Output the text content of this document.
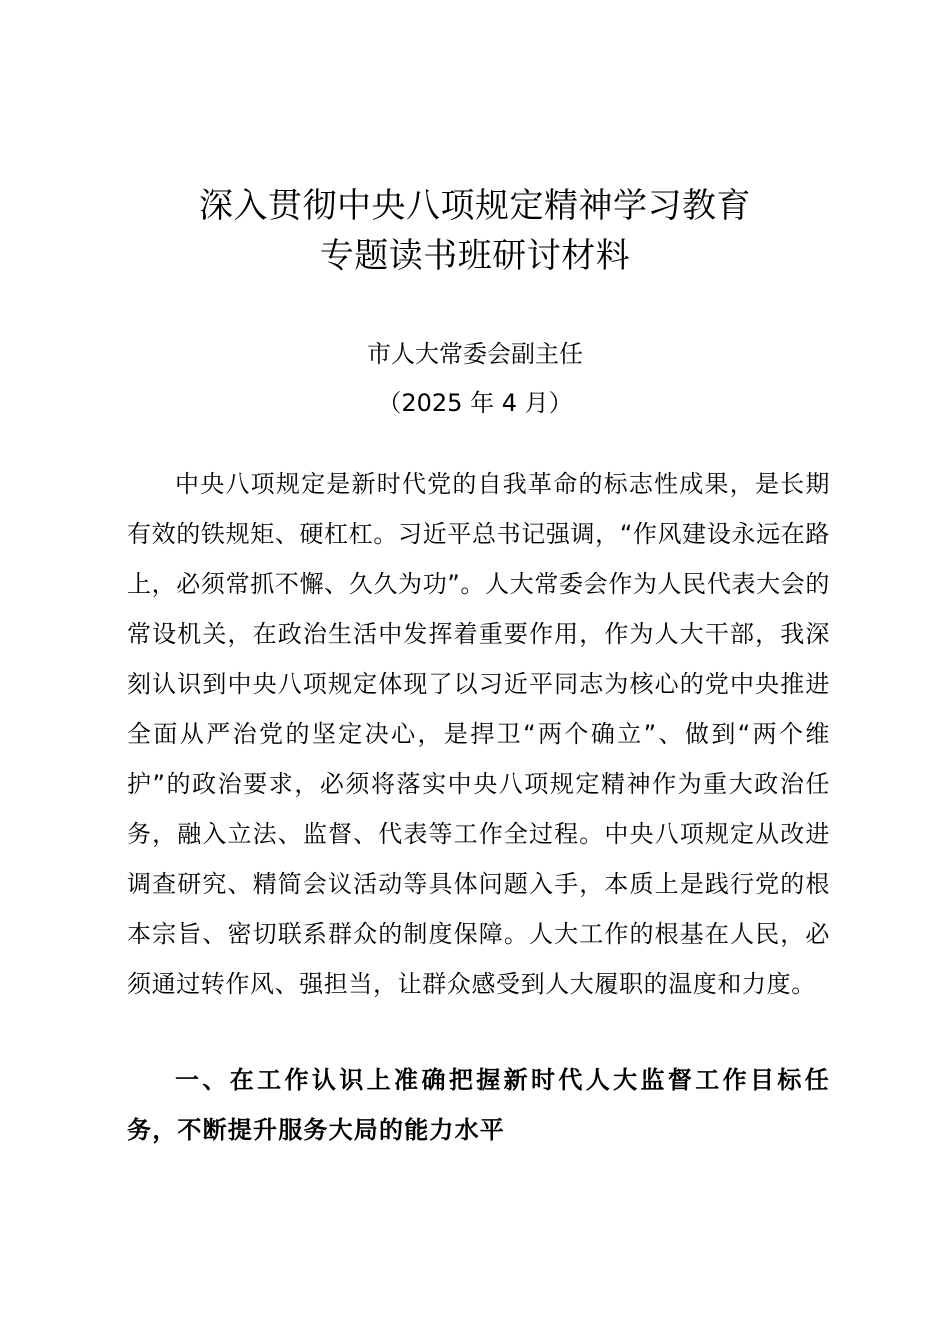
深入贯彻中央八项规定精神学习教育
专题读书班研讨材料
市人大常委会副主任
（2025 年 4 月）

中央八项规定是新时代党的自我革命的标志性成果，是长期有效的铁规矩、硬杠杠。习近平总书记强调，“作风建设永远在路上，必须常抓不懈、久久为功”。人大常委会作为人民代表大会的常设机关，在政治生活中发挥着重要作用，作为人大干部，我深刻认识到中央八项规定体现了以习近平同志为核心的党中央推进全面从严治党的坚定决心，是捍卫“两个确立”、做到“两个维护”的政治要求，必须将落实中央八项规定精神作为重大政治任务，融入立法、监督、代表等工作全过程。中央八项规定从改进调查研究、精简会议活动等具体问题入手，本质上是践行党的根本宗旨、密切联系群众的制度保障。人大工作的根基在人民，必须通过转作风、强担当，让群众感受到人大履职的温度和力度。

一、在工作认识上准确把握新时代人大监督工作目标任务，不断提升服务大局的能力水平
